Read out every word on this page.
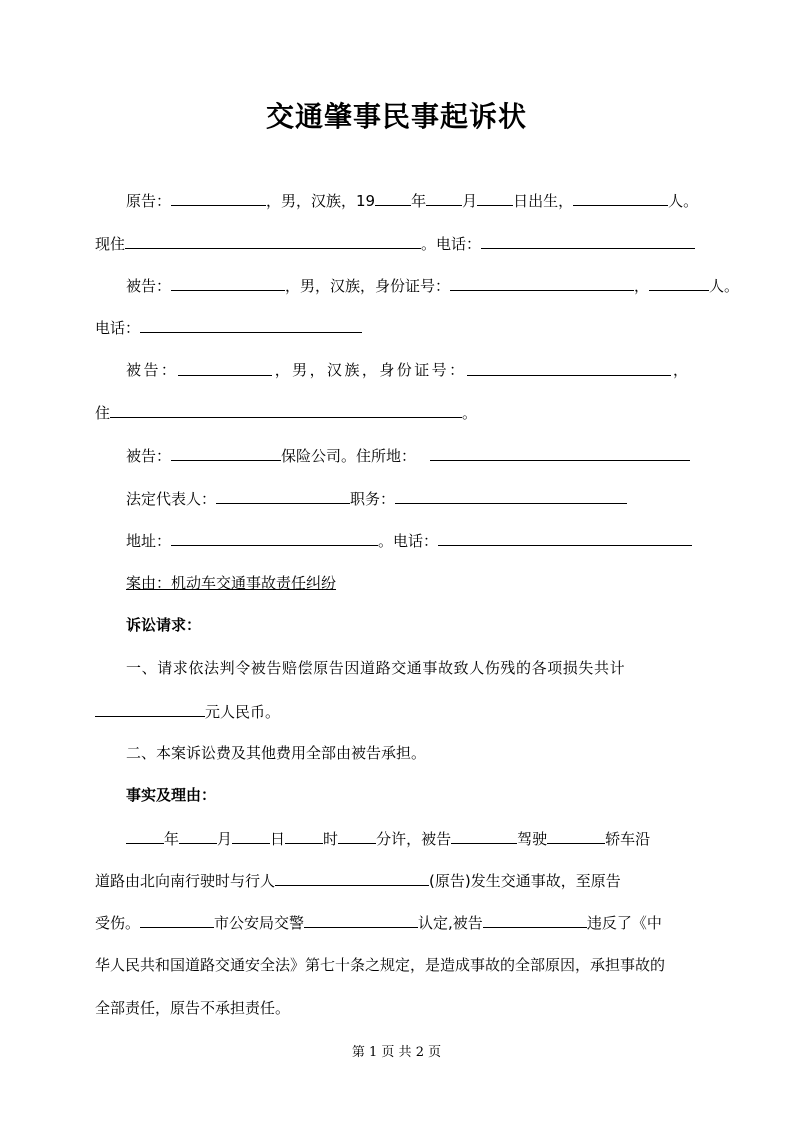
交通肇事民事起诉状
原告：	，男，汉族，19 年 月 日出生，	人。
现住	。电话：
被告：	，男，汉族，身份证号：	，	人。
电话：
被 告 ：	， 男 ， 汉 族 ， 身 份 证 号 ：	，
住	。
被告：	保险公司。住所地：
法定代表人：	职务：
地址：	。电话：
案由：机动车交通事故责任纠纷
诉讼请求：
一、请求依法判令被告赔偿原告因道路交通事故致人伤残的各项损失共计
元人民币。
二、本案诉讼费及其他费用全部由被告承担。
事实及理由：
年	月	日	时	分许，被告	驾驶	轿车沿
道路由北向南行驶时与行人	(原告)发生交通事故，至原告
受伤。	市公安局交警	认定,被告	违反了《中
华人民共和国道路交通安全法》第七十条之规定，是造成事故的全部原因，承担事故的
全部责任，原告不承担责任。
第 1 页 共 2 页
